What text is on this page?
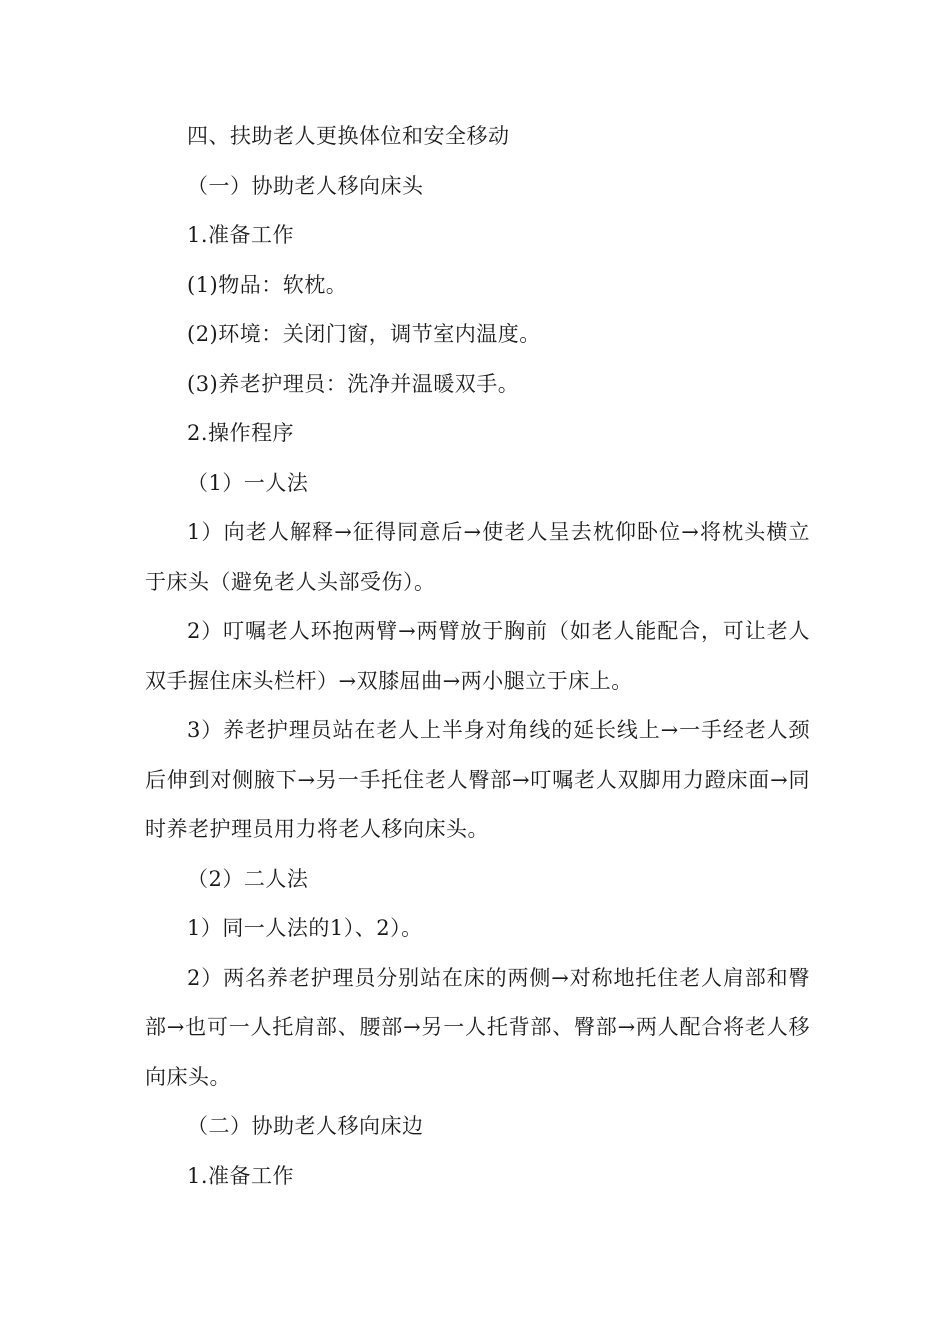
四、扶助老人更换体位和安全移动

（一）协助老人移向床头

1.准备工作

(1)物品：软枕。

(2)环境：关闭门窗，调节室内温度。

(3)养老护理员：洗净并温暖双手。

2.操作程序

（1）一人法

1）向老人解释→征得同意后→使老人呈去枕仰卧位→将枕头横立于床头（避免老人头部受伤）。

2）叮嘱老人环抱两臂→两臂放于胸前（如老人能配合，可让老人双手握住床头栏杆）→双膝屈曲→两小腿立于床上。

3）养老护理员站在老人上半身对角线的延长线上→一手经老人颈后伸到对侧腋下→另一手托住老人臀部→叮嘱老人双脚用力蹬床面→同时养老护理员用力将老人移向床头。

（2）二人法

1）同一人法的1）、2）。

2）两名养老护理员分别站在床的两侧→对称地托住老人肩部和臀部→也可一人托肩部、腰部→另一人托背部、臀部→两人配合将老人移向床头。

（二）协助老人移向床边

1.准备工作
